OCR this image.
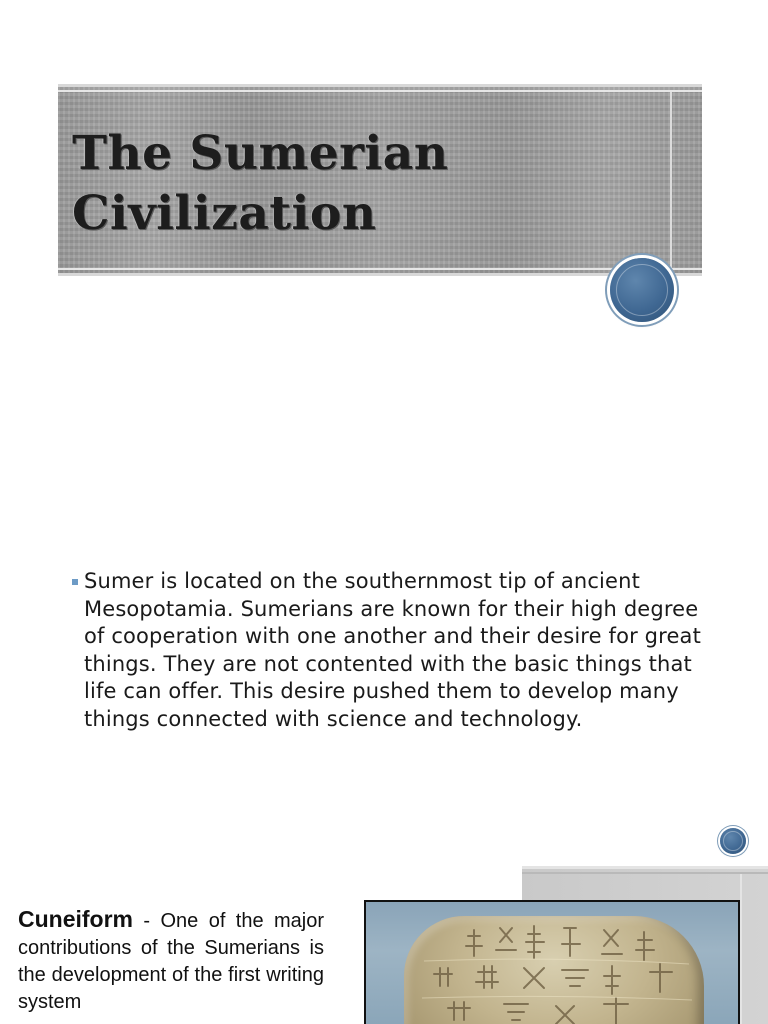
The Sumerian
Civilization

Sumer is located on the southernmost tip of ancient Mesopotamia. Sumerians are known for their high degree of cooperation with one another and their desire for great things. They are not contented with the basic things that life can offer. This desire pushed them to develop many things connected with science and technology.

Cuneiform - One of the major contributions of the Sumerians is the development of the first writing system
